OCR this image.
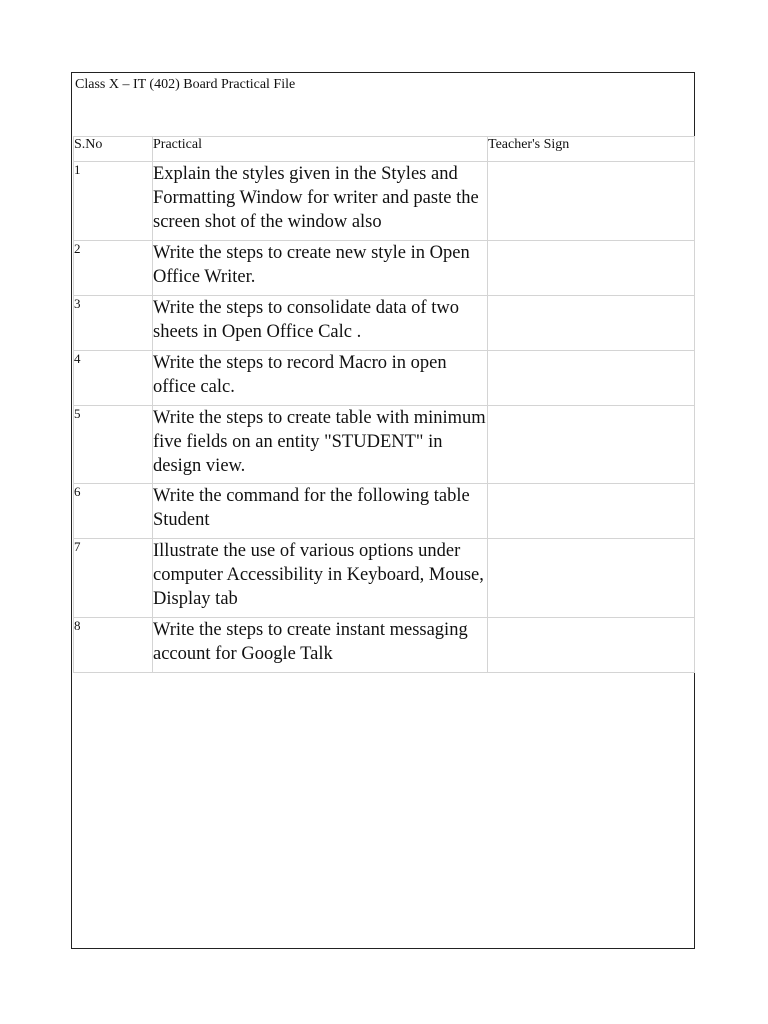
Class X – IT (402) Board Practical File
S.No	Practical	Teacher's Sign
1	Explain the styles given in the Styles and Formatting Window for writer and paste the screen shot of the window also	
2	Write the steps to create new style in Open Office Writer.	
3	Write the steps to consolidate data of two sheets in Open Office Calc .	
4	Write the steps to record Macro in open office calc.	
5	Write the steps to create table with minimum five fields on an entity "STUDENT" in design view.	
6	Write the command for the following table Student	
7	Illustrate the use of various options under computer Accessibility in Keyboard, Mouse, Display tab	
8	Write the steps to create instant messaging account for Google Talk	
